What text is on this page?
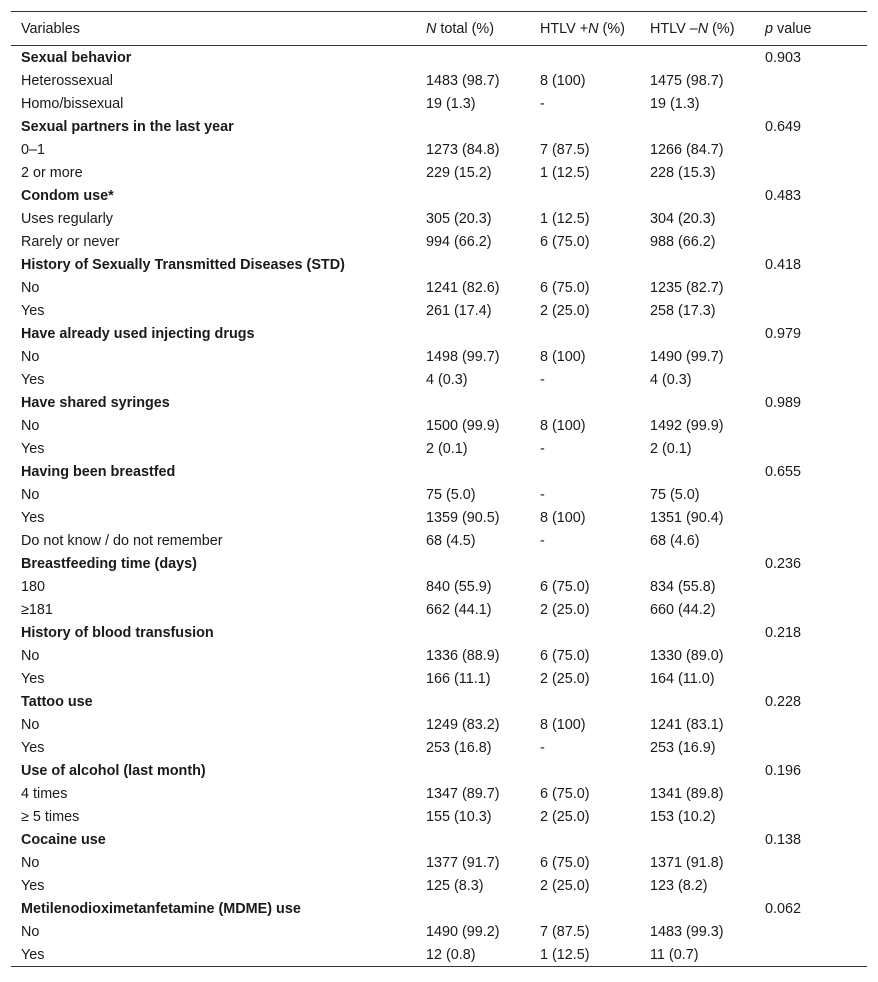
Variables	N total (%)	HTLV +N (%)	HTLV –N (%)	p value
Sexual behavior				0.903
Heterossexual	1483 (98.7)	8 (100)	1475 (98.7)	
Homo/bissexual	19 (1.3)	-	19 (1.3)	
Sexual partners in the last year				0.649
0–1	1273 (84.8)	7 (87.5)	1266 (84.7)	
2 or more	229 (15.2)	1 (12.5)	228 (15.3)	
Condom use*				0.483
Uses regularly	305 (20.3)	1 (12.5)	304 (20.3)	
Rarely or never	994 (66.2)	6 (75.0)	988 (66.2)	
History of Sexually Transmitted Diseases (STD)				0.418
No	1241 (82.6)	6 (75.0)	1235 (82.7)	
Yes	261 (17.4)	2 (25.0)	258 (17.3)	
Have already used injecting drugs				0.979
No	1498 (99.7)	8 (100)	1490 (99.7)	
Yes	4 (0.3)	-	4 (0.3)	
Have shared syringes				0.989
No	1500 (99.9)	8 (100)	1492 (99.9)	
Yes	2 (0.1)	-	2 (0.1)	
Having been breastfed				0.655
No	75 (5.0)	-	75 (5.0)	
Yes	1359 (90.5)	8 (100)	1351 (90.4)	
Do not know / do not remember	68 (4.5)	-	68 (4.6)	
Breastfeeding time (days)				0.236
180	840 (55.9)	6 (75.0)	834 (55.8)	
≥181	662 (44.1)	2 (25.0)	660 (44.2)	
History of blood transfusion				0.218
No	1336 (88.9)	6 (75.0)	1330 (89.0)	
Yes	166 (11.1)	2 (25.0)	164 (11.0)	
Tattoo use				0.228
No	1249 (83.2)	8 (100)	1241 (83.1)	
Yes	253 (16.8)	-	253 (16.9)	
Use of alcohol (last month)				0.196
4 times	1347 (89.7)	6 (75.0)	1341 (89.8)	
≥ 5 times	155 (10.3)	2 (25.0)	153 (10.2)	
Cocaine use				0.138
No	1377 (91.7)	6 (75.0)	1371 (91.8)	
Yes	125 (8.3)	2 (25.0)	123 (8.2)	
Metilenodioximetanfetamine (MDME) use				0.062
No	1490 (99.2)	7 (87.5)	1483 (99.3)	
Yes	12 (0.8)	1 (12.5)	11 (0.7)	
